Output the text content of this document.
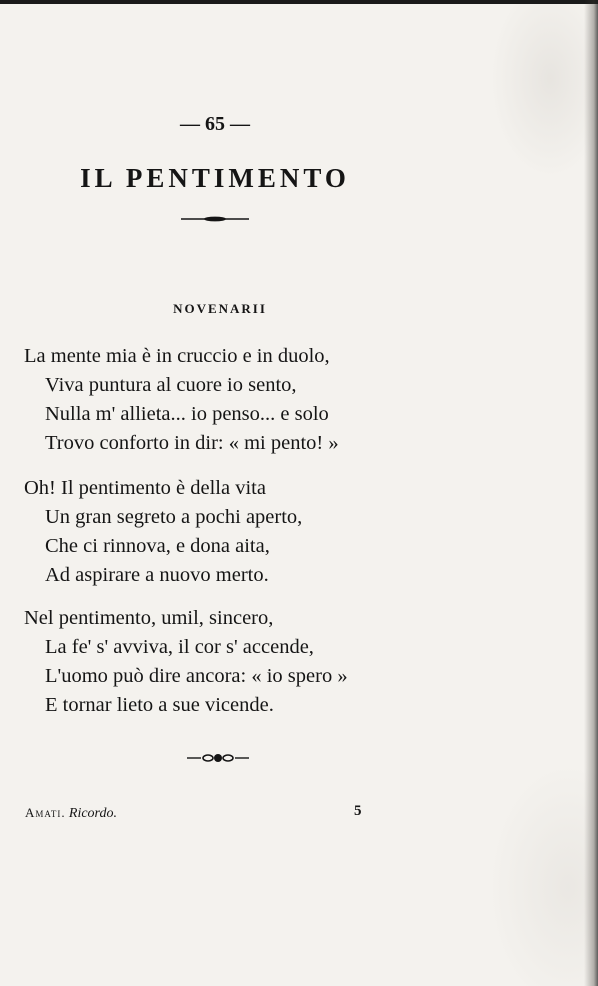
— 65 —
IL PENTIMENTO
NOVENARII
La mente mia è in cruccio e in duolo,
Viva puntura al cuore io sento,
Nulla m' allieta... io penso... e solo
Trovo conforto in dir: « mi pento! »
Oh! Il pentimento è della vita
Un gran segreto a pochi aperto,
Che ci rinnova, e dona aita,
Ad aspirare a nuovo merto.
Nel pentimento, umil, sincero,
La fe' s' avviva, il cor s' accende,
L'uomo può dire ancora: « io spero »
E tornar lieto a sue vicende.
Amati. Ricordo.	5
